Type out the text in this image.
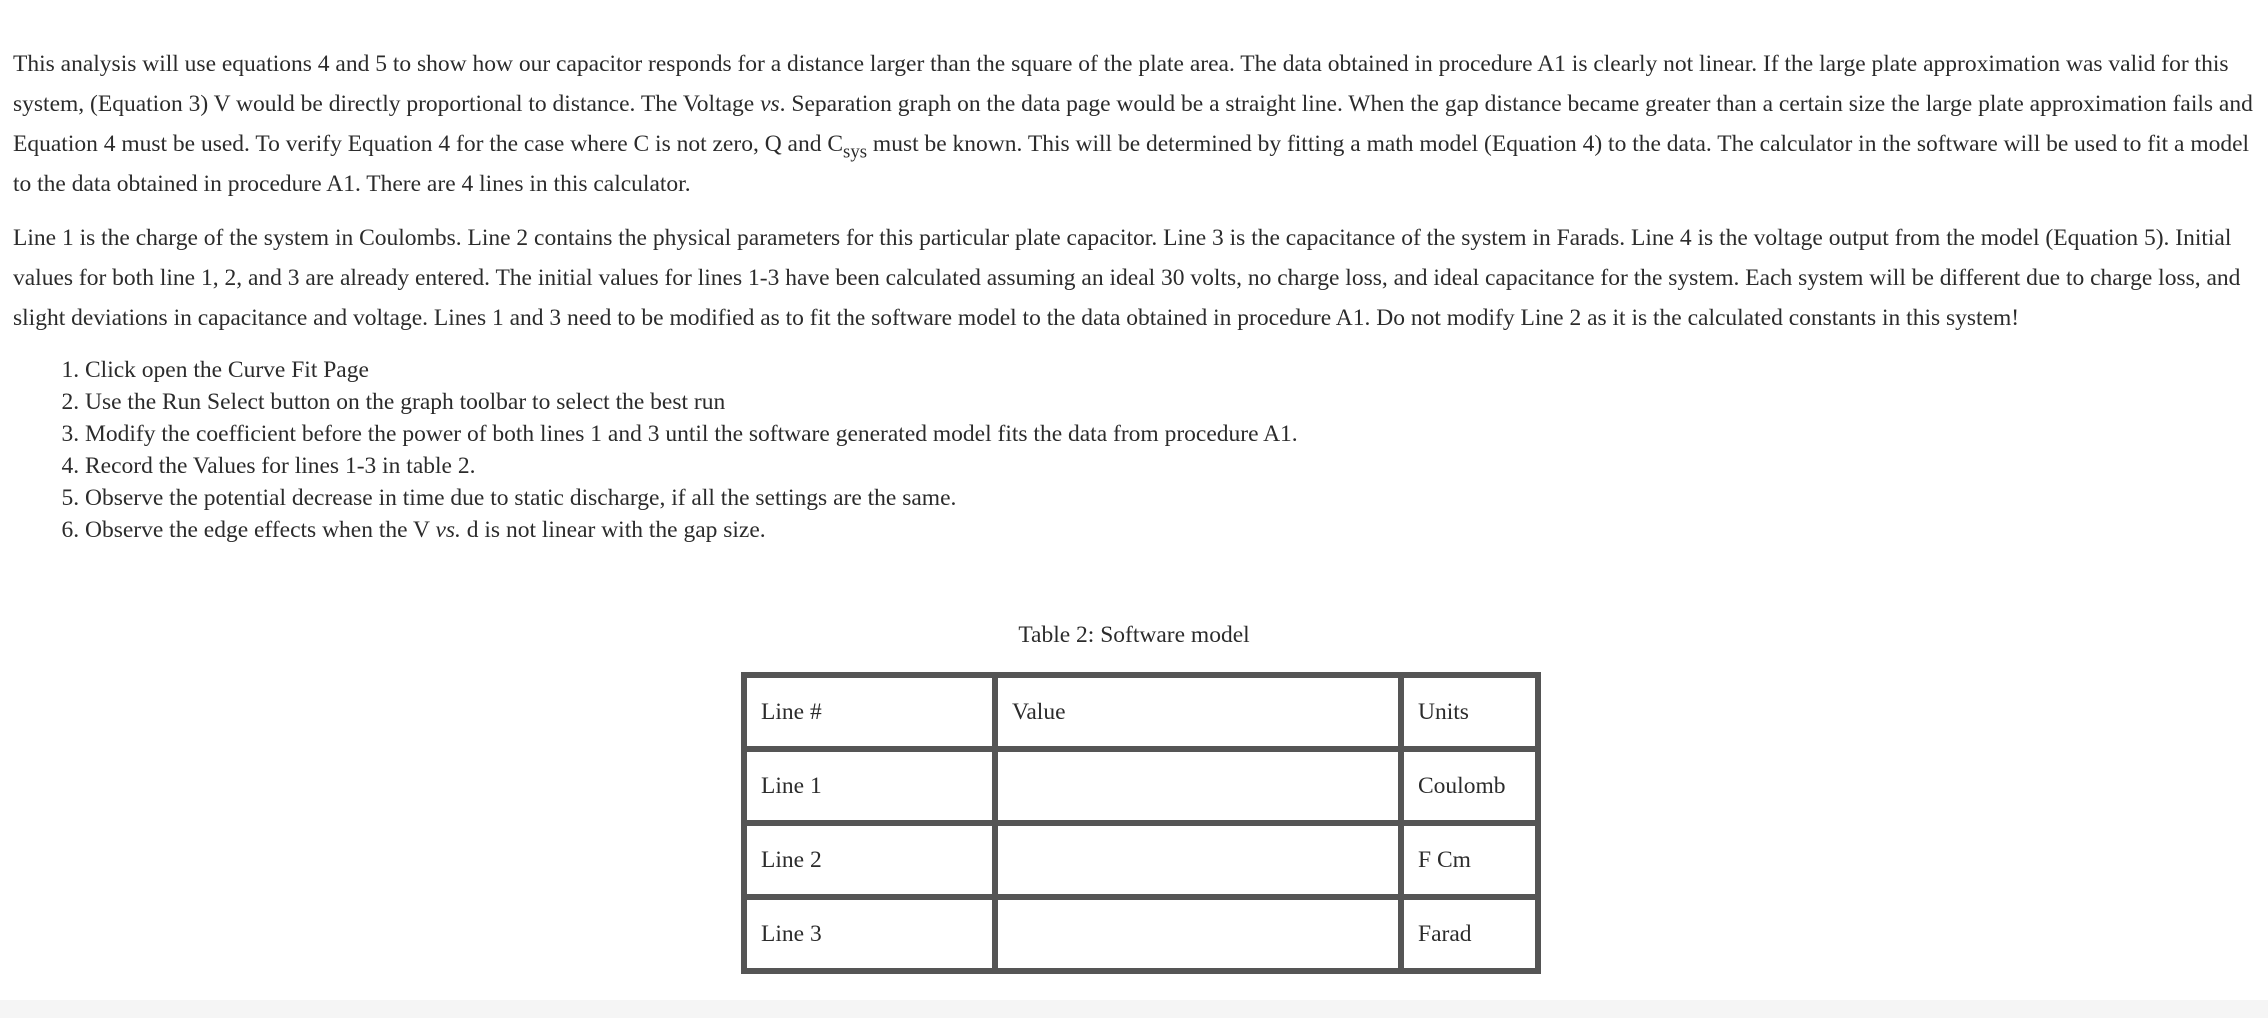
This analysis will use equations 4 and 5 to show how our capacitor responds for a distance larger than the square of the plate area. The data obtained in procedure A1 is clearly not linear. If the large plate approximation was valid for this system, (Equation 3) V would be directly proportional to distance. The Voltage vs. Separation graph on the data page would be a straight line. When the gap distance became greater than a certain size the large plate approximation fails and Equation 4 must be used. To verify Equation 4 for the case where C is not zero, Q and $C_{sys}$ must be known. This will be determined by fitting a math model (Equation 4) to the data. The calculator in the software will be used to fit a model to the data obtained in procedure A1. There are 4 lines in this calculator.

Line 1 is the charge of the system in Coulombs. Line 2 contains the physical parameters for this particular plate capacitor. Line 3 is the capacitance of the system in Farads. Line 4 is the voltage output from the model (Equation 5). Initial values for both line 1, 2, and 3 are already entered. The initial values for lines 1-3 have been calculated assuming an ideal 30 volts, no charge loss, and ideal capacitance for the system. Each system will be different due to charge loss, and slight deviations in capacitance and voltage. Lines 1 and 3 need to be modified as to fit the software model to the data obtained in procedure A1. Do not modify Line 2 as it is the calculated constants in this system!

1. Click open the Curve Fit Page
2. Use the Run Select button on the graph toolbar to select the best run
3. Modify the coefficient before the power of both lines 1 and 3 until the software generated model fits the data from procedure A1.
4. Record the Values for lines 1-3 in table 2.
5. Observe the potential decrease in time due to static discharge, if all the settings are the same.
6. Observe the edge effects when the V vs. d is not linear with the gap size.
Table 2: Software model
Line #	Value	Units
Line 1		Coulomb
Line 2		F Cm
Line 3		Farad
